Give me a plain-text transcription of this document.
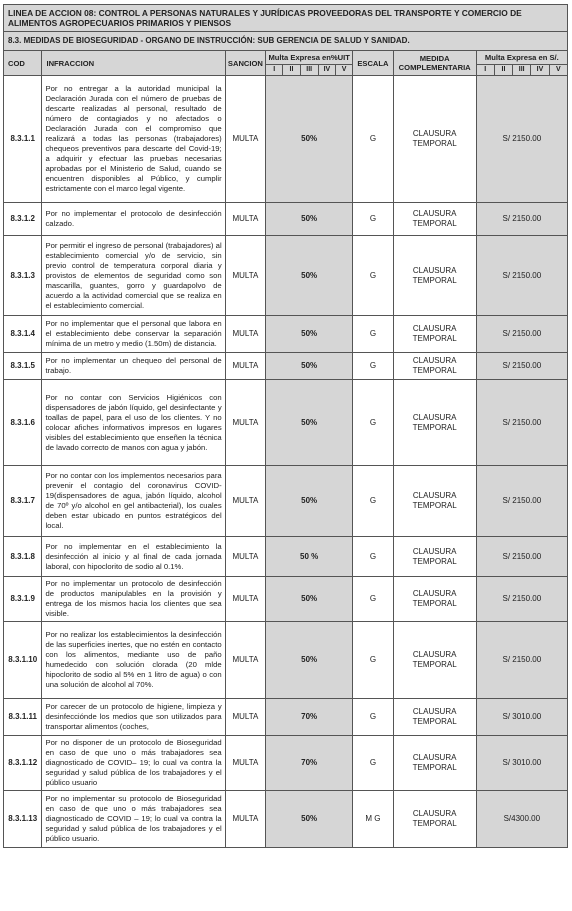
LINEA DE ACCION 08: CONTROL A PERSONAS NATURALES Y JURÍDICAS PROVEEDORAS DEL TRANSPORTE Y COMERCIO DE ALIMENTOS AGROPECUARIOS PRIMARIOS Y PIENSOS														
8.3. MEDIDAS DE BIOSEGURIDAD - ORGANO DE INSTRUCCIÓN: SUB GERENCIA DE SALUD Y SANIDAD.														
COD	INFRACCION	SANCION	Multa Expresa en%UIT					ESCALA	MEDIDA COMPLEMENTARIA	Multa Expresa en S/.				
			I	II	III	IV	V			I	II	III	IV	V
8.3.1.1	Por no entregar a la autoridad municipal la Declaración Jurada con el número de pruebas de descarte realizadas al personal, resultado de número de contagiados y no afectados o Declaración Jurada con el compromiso que realizará a todas las personas (trabajadores) chequeos preventivos para descarte del Covid-19; a adquirir y efectuar las pruebas necesarias aprobadas por el Ministerio de Salud, cuando se encuentren disponibles al Público, y cumplir estrictamente con el marco legal vigente.	MULTA	50%					G	CLAUSURA TEMPORAL	S/ 2150.00				
8.3.1.2	Por no implementar el protocolo de desinfección calzado.	MULTA	50%					G	CLAUSURA TEMPORAL	S/ 2150.00				
8.3.1.3	Por permitir el ingreso de personal (trabajadores) al establecimiento comercial y/o de servicio, sin previo control de temperatura corporal diaria y provistos de elementos de seguridad como son mascarilla, guantes, gorro y guardapolvo de acuerdo a la actividad comercial que se realiza en el establecimiento comercial.	MULTA	50%					G	CLAUSURA TEMPORAL	S/ 2150.00				
8.3.1.4	Por no implementar que el personal que labora en el establecimiento debe conservar la separación mínima de un metro y medio (1.50m) de distancia.	MULTA	50%					G	CLAUSURA TEMPORAL	S/ 2150.00				
8.3.1.5	Por no implementar un chequeo del personal de trabajo.	MULTA	50%					G	CLAUSURA TEMPORAL	S/ 2150.00				
8.3.1.6	Por no contar con Servicios Higiénicos con dispensadores de jabón líquido, gel desinfectante y toallas de papel, para el uso de los clientes. Y no colocar afiches informativos impresos en lugares visibles del establecimiento que enseñen la técnica de lavado correcto de manos con agua y jabón.	MULTA	50%					G	CLAUSURA TEMPORAL	S/ 2150.00				
8.3.1.7	Por no contar con los implementos necesarios para prevenir el contagio del coronavirus COVID-19(dispensadores de agua, jabón líquido, alcohol de 70º y/o alcohol en gel antibacterial), los cuales deben estar ubicado en puntos estratégicos del local.	MULTA	50%					G	CLAUSURA TEMPORAL	S/ 2150.00				
8.3.1.8	Por no implementar en el establecimiento la desinfección al inicio y al final de cada jornada laboral, con hipoclorito de sodio al 0.1%.	MULTA	50 %					G	CLAUSURA TEMPORAL	S/ 2150.00				
8.3.1.9	Por no implementar un protocolo de desinfección de productos manipulables en la provisión y entrega de los mismos hacia los clientes que sea visible.	MULTA	50%					G	CLAUSURA TEMPORAL	S/ 2150.00				
8.3.1.10	Por no realizar los establecimientos la desinfección de las superficies inertes, que no estén en contacto con los alimentos, mediante uso de paño humedecido con solución clorada (20 mlde hipoclorito de sodio al 5% en 1 litro de agua) o con una solución de alcohol al 70%.	MULTA	50%					G	CLAUSURA TEMPORAL	S/ 2150.00				
8.3.1.11	Por carecer de un protocolo de higiene, limpieza y desinfecciónde los medios que son utilizados para transportar alimentos (coches,	MULTA	70%					G	CLAUSURA TEMPORAL	S/ 3010.00				
8.3.1.12	Por no disponer de un protocolo de Bioseguridad en caso de que uno o más trabajadores sea diagnosticado de COVID– 19; lo cual va contra la seguridad y salud pública de los trabajadores y el público usuario	MULTA	70%					G	CLAUSURA TEMPORAL	S/ 3010.00				
8.3.1.13	Por no implementar su protocolo de Bioseguridad en caso de que uno o más trabajadores sea diagnosticado de COVID – 19; lo cual va contra la seguridad y salud pública de los trabajadores y el público usuario.	MULTA	50%					M G	CLAUSURA TEMPORAL	S/4300.00				
